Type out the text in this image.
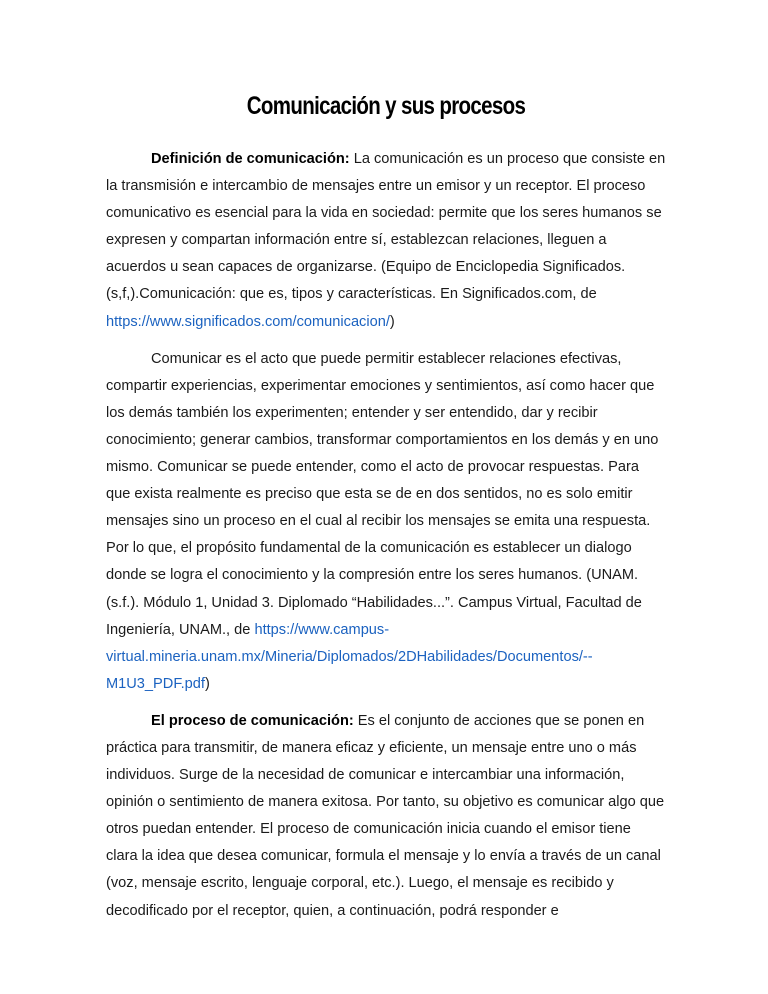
Comunicación y sus procesos

Definición de comunicación: La comunicación es un proceso que consiste en la transmisión e intercambio de mensajes entre un emisor y un receptor. El proceso comunicativo es esencial para la vida en sociedad: permite que los seres humanos se expresen y compartan información entre sí, establezcan relaciones, lleguen a acuerdos u sean capaces de organizarse. (Equipo de Enciclopedia Significados. (s,f,).Comunicación: que es, tipos y características. En Significados.com, de https://www.significados.com/comunicacion/)

Comunicar es el acto que puede permitir establecer relaciones efectivas, compartir experiencias, experimentar emociones y sentimientos, así como hacer que los demás también los experimenten; entender y ser entendido, dar y recibir conocimiento; generar cambios, transformar comportamientos en los demás y en uno mismo. Comunicar se puede entender, como el acto de provocar respuestas. Para que exista realmente es preciso que esta se de en dos sentidos, no es solo emitir mensajes sino un proceso en el cual al recibir los mensajes se emita una respuesta. Por lo que, el propósito fundamental de la comunicación es establecer un dialogo donde se logra el conocimiento y la compresión entre los seres humanos. (UNAM. (s.f.). Módulo 1, Unidad 3. Diplomado “Habilidades...”. Campus Virtual, Facultad de Ingeniería, UNAM., de https://www.campus-virtual.mineria.unam.mx/Mineria/Diplomados/2DHabilidades/Documentos/--M1U3_PDF.pdf)

El proceso de comunicación: Es el conjunto de acciones que se ponen en práctica para transmitir, de manera eficaz y eficiente, un mensaje entre uno o más individuos. Surge de la necesidad de comunicar e intercambiar una información, opinión o sentimiento de manera exitosa. Por tanto, su objetivo es comunicar algo que otros puedan entender. El proceso de comunicación inicia cuando el emisor tiene clara la idea que desea comunicar, formula el mensaje y lo envía a través de un canal (voz, mensaje escrito, lenguaje corporal, etc.). Luego, el mensaje es recibido y decodificado por el receptor, quien, a continuación, podrá responder e
